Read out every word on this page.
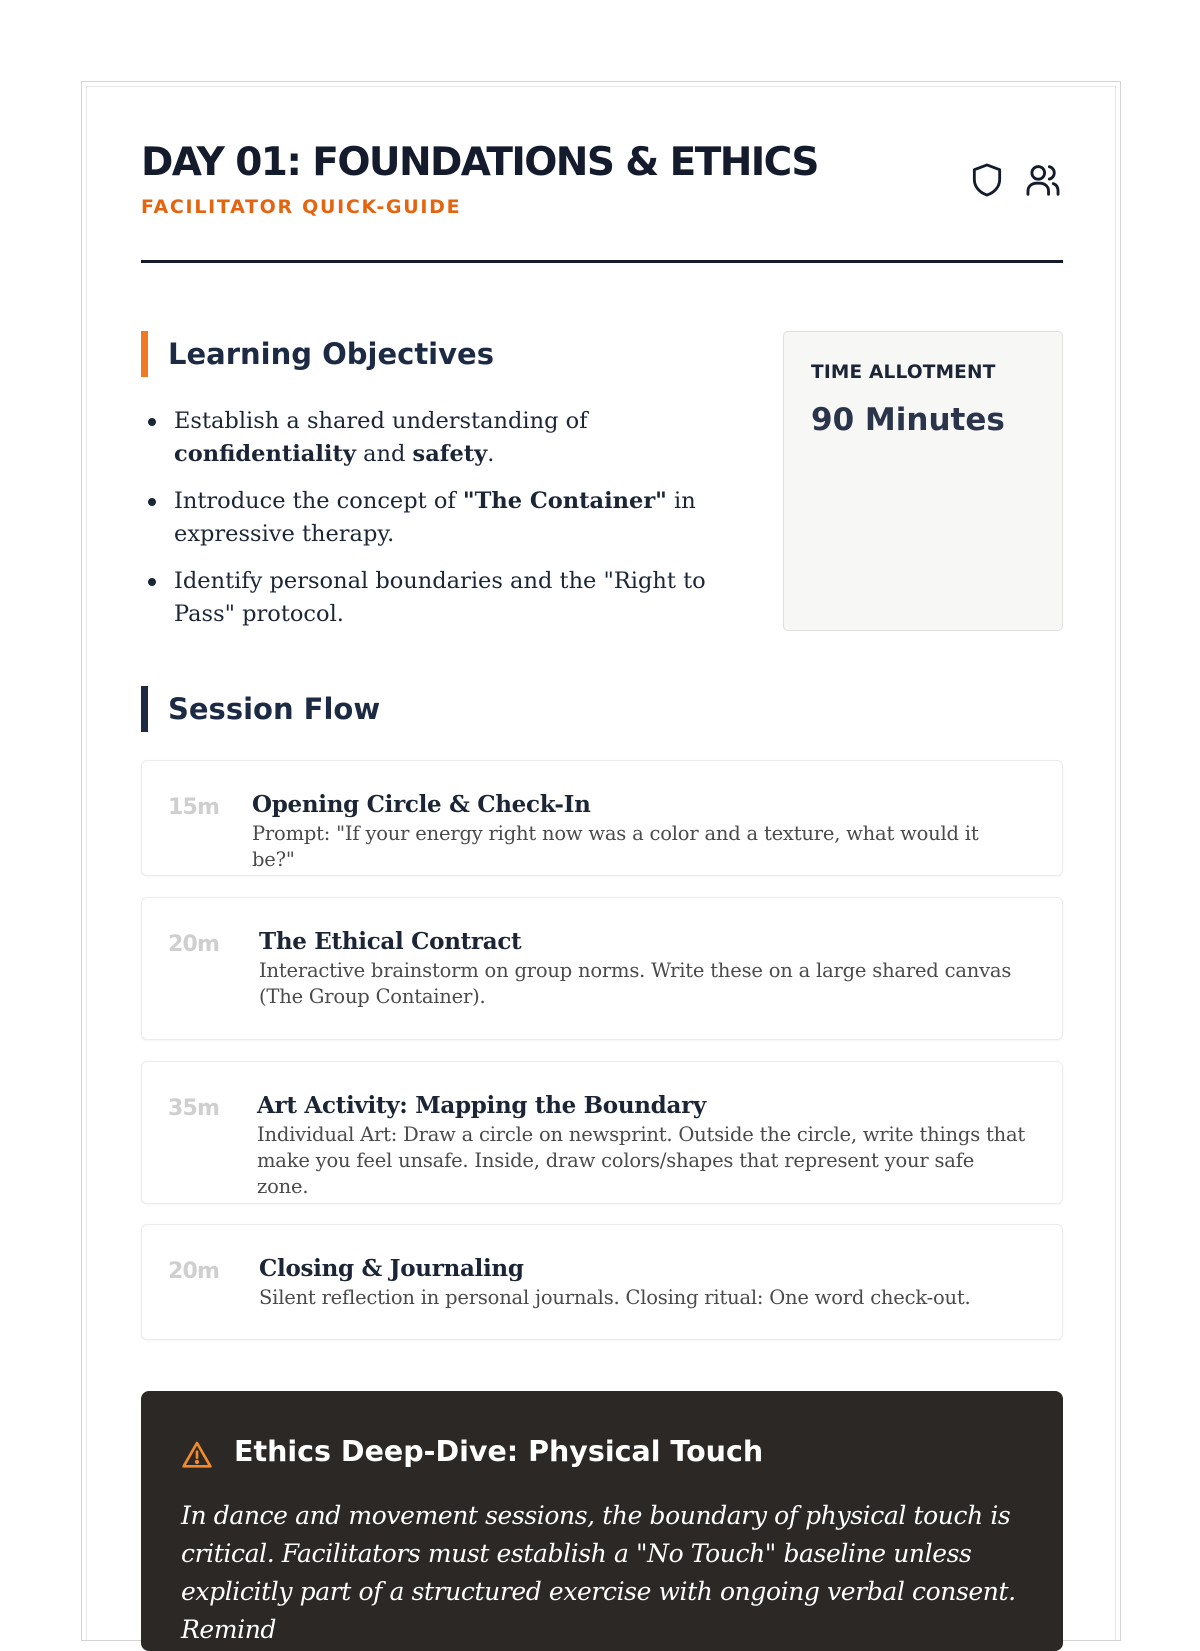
DAY 01: FOUNDATIONS & ETHICS
FACILITATOR QUICK-GUIDE
Learning Objectives
Establish a shared understanding of confidentiality and safety.
Introduce the concept of "The Container" in expressive therapy.
Identify personal boundaries and the "Right to Pass" protocol.
TIME ALLOTMENT
90 Minutes
Session Flow
15m Opening Circle & Check-In
Prompt: "If your energy right now was a color and a texture, what would it be?"
20m The Ethical Contract
Interactive brainstorm on group norms. Write these on a large shared canvas (The Group Container).
35m Art Activity: Mapping the Boundary
Individual Art: Draw a circle on newsprint. Outside the circle, write things that make you feel unsafe. Inside, draw colors/shapes that represent your safe zone.
20m Closing & Journaling
Silent reflection in personal journals. Closing ritual: One word check-out.
Ethics Deep-Dive: Physical Touch
In dance and movement sessions, the boundary of physical touch is critical. Facilitators must establish a "No Touch" baseline unless explicitly part of a structured exercise with ongoing verbal consent. Remind
